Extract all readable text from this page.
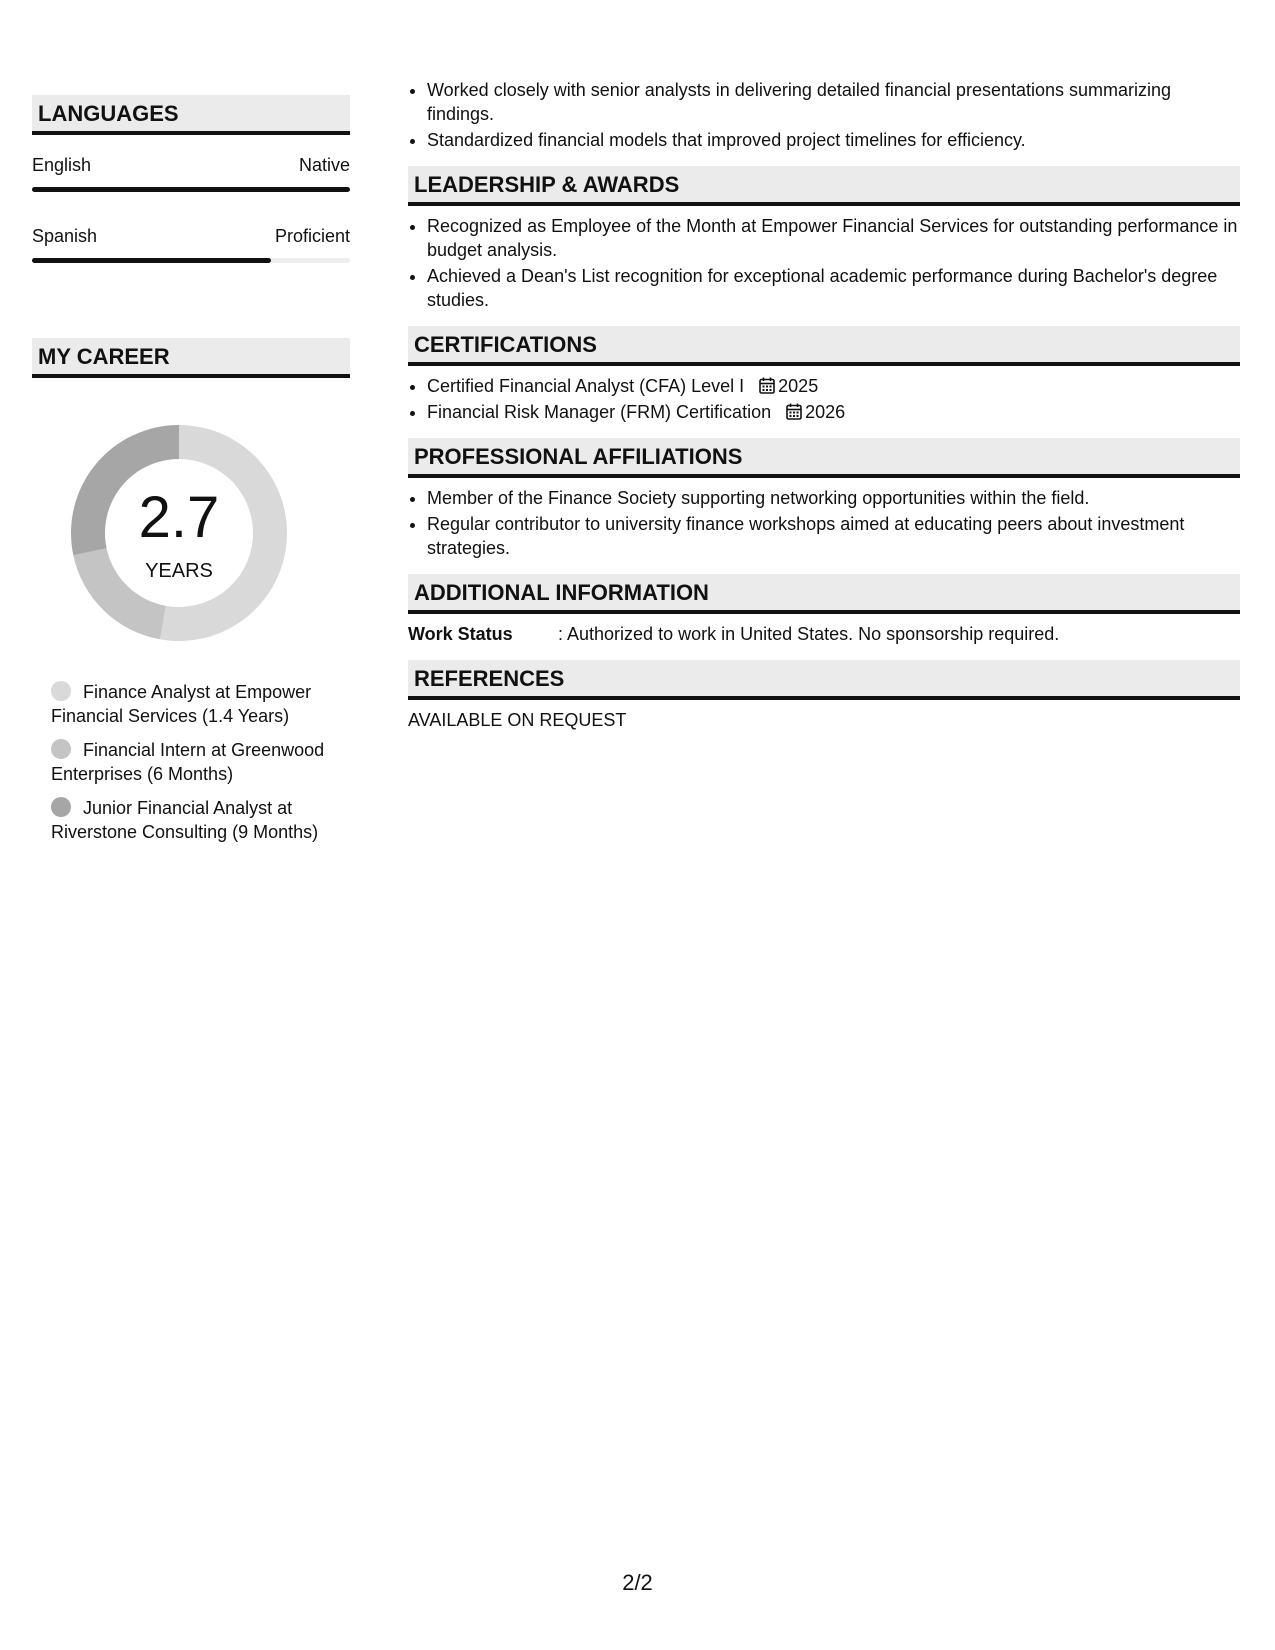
LANGUAGES
English	Native
Spanish	Proficient
MY CAREER
2.7
YEARS
Finance Analyst at Empower Financial Services (1.4 Years)
Financial Intern at Greenwood Enterprises (6 Months)
Junior Financial Analyst at Riverstone Consulting (9 Months)
• Worked closely with senior analysts in delivering detailed financial presentations summarizing findings.
• Standardized financial models that improved project timelines for efficiency.
LEADERSHIP & AWARDS
• Recognized as Employee of the Month at Empower Financial Services for outstanding performance in budget analysis.
• Achieved a Dean's List recognition for exceptional academic performance during Bachelor's degree studies.
CERTIFICATIONS
• Certified Financial Analyst (CFA) Level I 2025
• Financial Risk Manager (FRM) Certification 2026
PROFESSIONAL AFFILIATIONS
• Member of the Finance Society supporting networking opportunities within the field.
• Regular contributor to university finance workshops aimed at educating peers about investment strategies.
ADDITIONAL INFORMATION
Work Status	: Authorized to work in United States. No sponsorship required.
REFERENCES
AVAILABLE ON REQUEST
2/2
